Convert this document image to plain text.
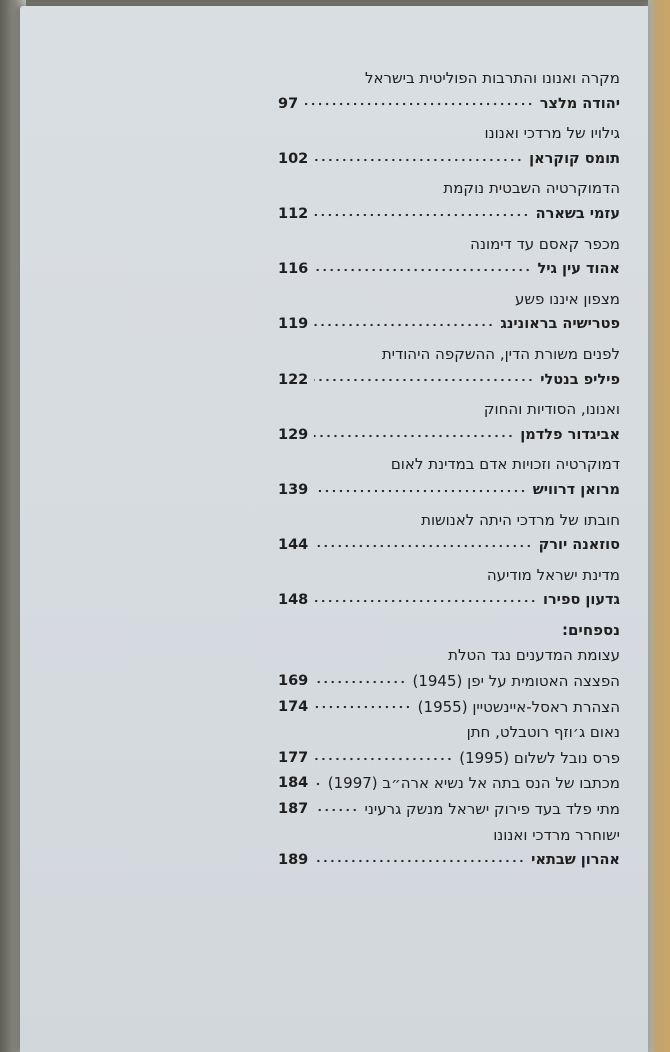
מקרה ואנונו והתרבות הפוליטית בישראל
יהודה מלצר
97
גילויו של מרדכי ואנונו
תומס קוקראן
102
הדמוקרטיה השבטית נוקמת
עזמי בשארה
112
מכפר קאסם עד דימונה
אהוד עין גיל
116
מצפון איננו פשע
פטרישיה בראונינג
119
לפנים משורת הדין, ההשקפה היהודית
פיליפ בנטלי
122
ואנונו, הסודיות והחוק
אביגדור פלדמן
129
דמוקרטיה וזכויות אדם במדינת לאום
מרואן דרוויש
139
חובתו של מרדכי היתה לאנושות
סוזאנה יורק
144
מדינת ישראל מודיעה
גדעון ספירו
148
נספחים:
עצומת המדענים נגד הטלת
הפצצה האטומית על יפן (1945)
169
הצהרת ראסל-איינשטיין (1955)
174
נאום ג׳וזף רוטבלט, חתן
פרס נובל לשלום (1995)
177
מכתבו של הנס בתה אל נשיא ארה״ב (1997)
184
מתי פלד בעד פירוק ישראל מנשק גרעיני
187
ישוחרר מרדכי ואנונו
אהרון שבתאי
189
